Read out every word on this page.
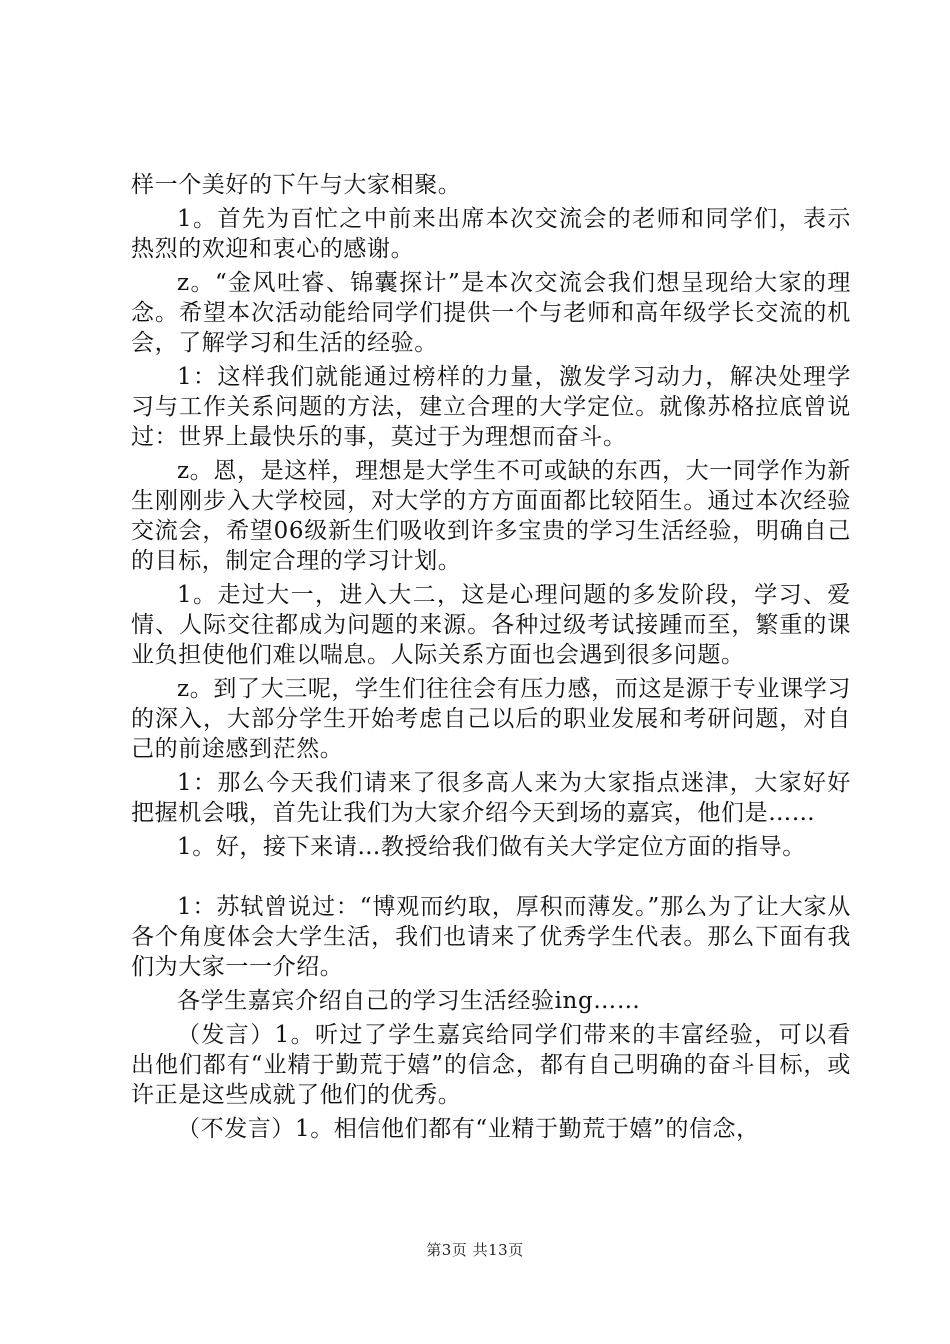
样一个美好的下午与大家相聚。

1。首先为百忙之中前来出席本次交流会的老师和同学们，表示热烈的欢迎和衷心的感谢。

z。“金风吐睿、锦囊探计”是本次交流会我们想呈现给大家的理念。希望本次活动能给同学们提供一个与老师和高年级学长交流的机会，了解学习和生活的经验。

1：这样我们就能通过榜样的力量，激发学习动力，解决处理学习与工作关系问题的方法，建立合理的大学定位。就像苏格拉底曾说过：世界上最快乐的事，莫过于为理想而奋斗。

z。恩，是这样，理想是大学生不可或缺的东西，大一同学作为新生刚刚步入大学校园，对大学的方方面面都比较陌生。通过本次经验交流会，希望06级新生们吸收到许多宝贵的学习生活经验，明确自己的目标，制定合理的学习计划。

1。走过大一，进入大二，这是心理问题的多发阶段，学习、爱情、人际交往都成为问题的来源。各种过级考试接踵而至，繁重的课业负担使他们难以喘息。人际关系方面也会遇到很多问题。

z。到了大三呢，学生们往往会有压力感，而这是源于专业课学习的深入，大部分学生开始考虑自己以后的职业发展和考研问题，对自己的前途感到茫然。

1：那么今天我们请来了很多高人来为大家指点迷津，大家好好把握机会哦，首先让我们为大家介绍今天到场的嘉宾，他们是……

1。好，接下来请…教授给我们做有关大学定位方面的指导。

1：苏轼曾说过：“博观而约取，厚积而薄发。”那么为了让大家从各个角度体会大学生活，我们也请来了优秀学生代表。那么下面有我们为大家一一介绍。

各学生嘉宾介绍自己的学习生活经验ing……

（发言）1。听过了学生嘉宾给同学们带来的丰富经验，可以看出他们都有“业精于勤荒于嬉”的信念，都有自己明确的奋斗目标，或许正是这些成就了他们的优秀。

（不发言）1。相信他们都有“业精于勤荒于嬉”的信念，

第3页 共13页
